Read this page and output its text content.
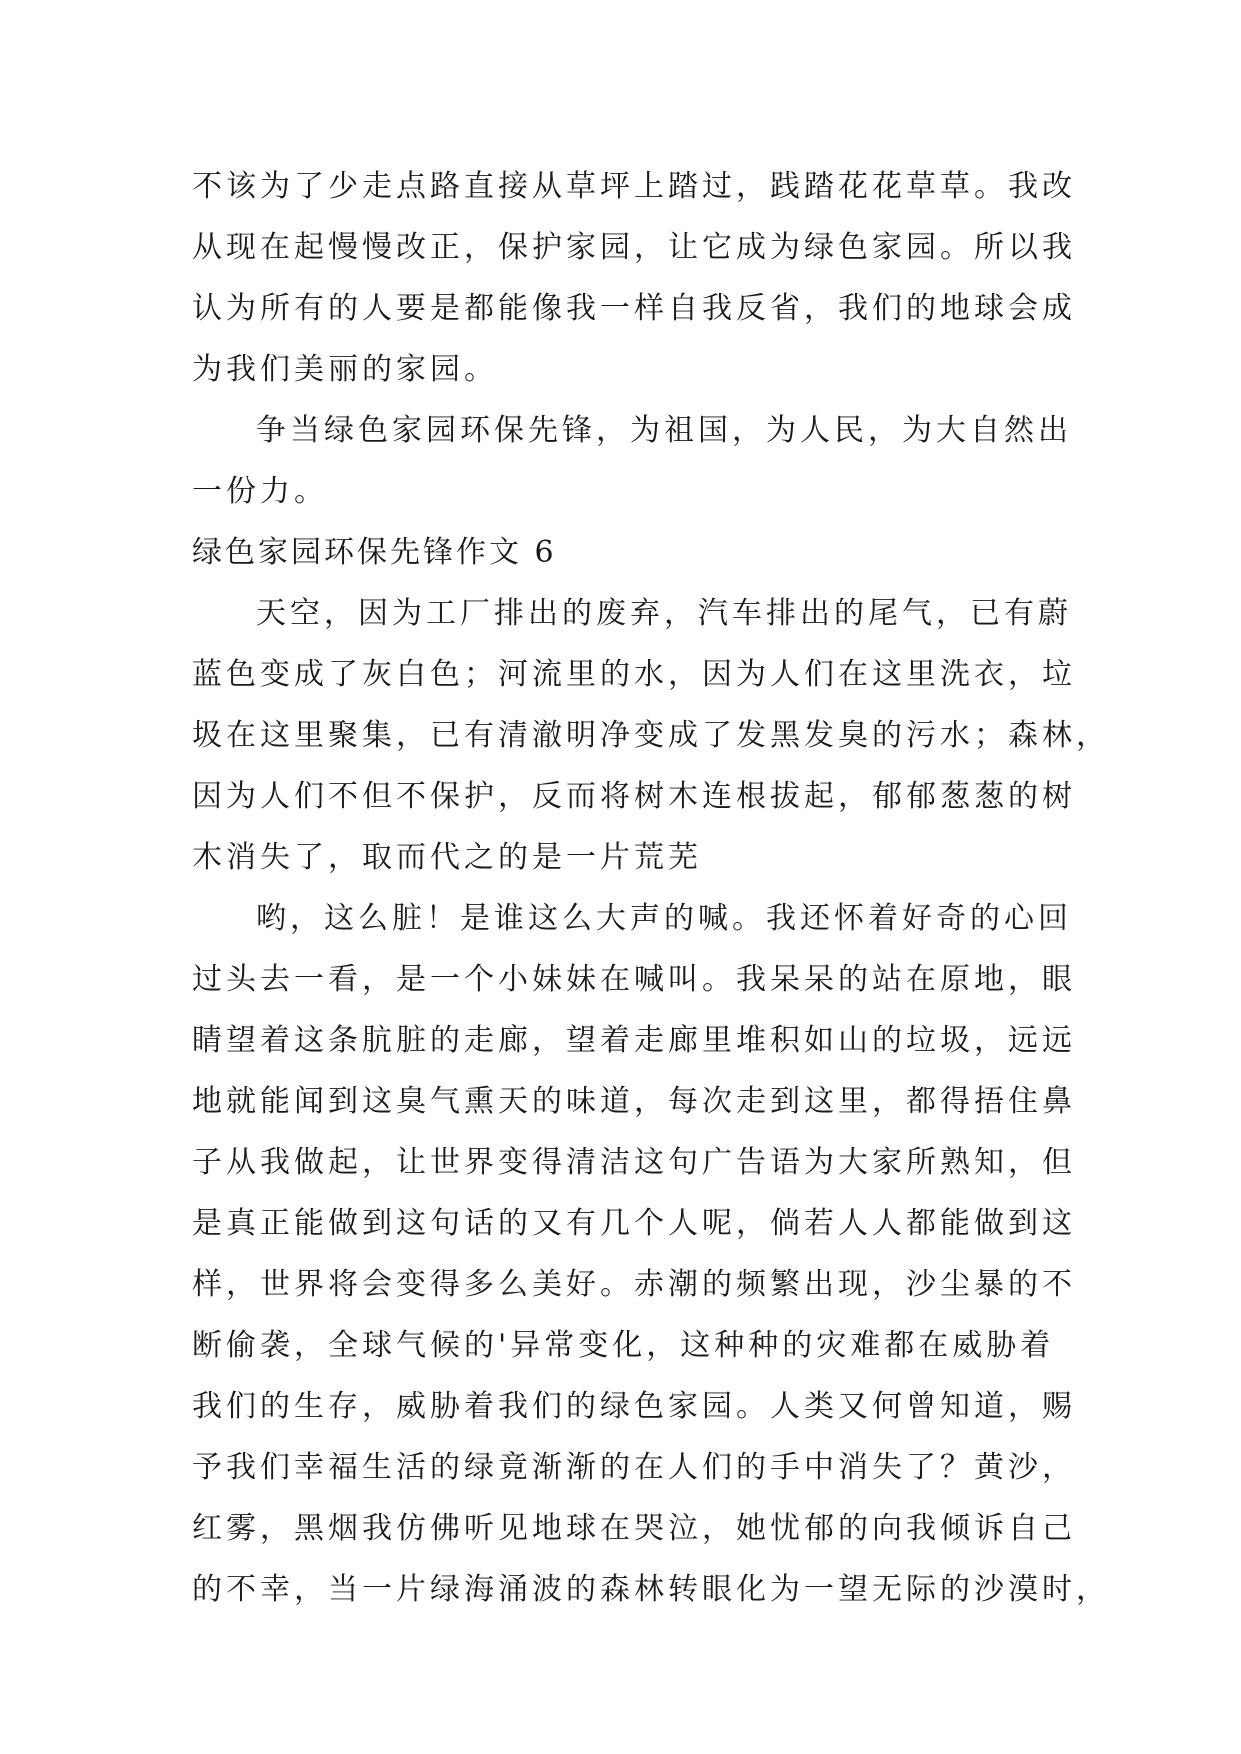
不该为了少走点路直接从草坪上踏过，践踏花花草草。我改
从现在起慢慢改正，保护家园，让它成为绿色家园。所以我
认为所有的人要是都能像我一样自我反省，我们的地球会成
为我们美丽的家园。
争当绿色家园环保先锋，为祖国，为人民，为大自然出
一份力。
绿色家园环保先锋作文 6
天空，因为工厂排出的废弃，汽车排出的尾气，已有蔚
蓝色变成了灰白色；河流里的水，因为人们在这里洗衣，垃
圾在这里聚集，已有清澈明净变成了发黑发臭的污水；森林，
因为人们不但不保护，反而将树木连根拔起，郁郁葱葱的树
木消失了，取而代之的是一片荒芜
哟，这么脏！是谁这么大声的喊。我还怀着好奇的心回
过头去一看，是一个小妹妹在喊叫。我呆呆的站在原地，眼
睛望着这条肮脏的走廊，望着走廊里堆积如山的垃圾，远远
地就能闻到这臭气熏天的味道，每次走到这里，都得捂住鼻
子从我做起，让世界变得清洁这句广告语为大家所熟知，但
是真正能做到这句话的又有几个人呢，倘若人人都能做到这
样，世界将会变得多么美好。赤潮的频繁出现，沙尘暴的不
断偷袭，全球气候的'异常变化，这种种的灾难都在威胁着
我们的生存，威胁着我们的绿色家园。人类又何曾知道，赐
予我们幸福生活的绿竟渐渐的在人们的手中消失了？黄沙，
红雾，黑烟我仿佛听见地球在哭泣，她忧郁的向我倾诉自己
的不幸，当一片绿海涌波的森林转眼化为一望无际的沙漠时，
